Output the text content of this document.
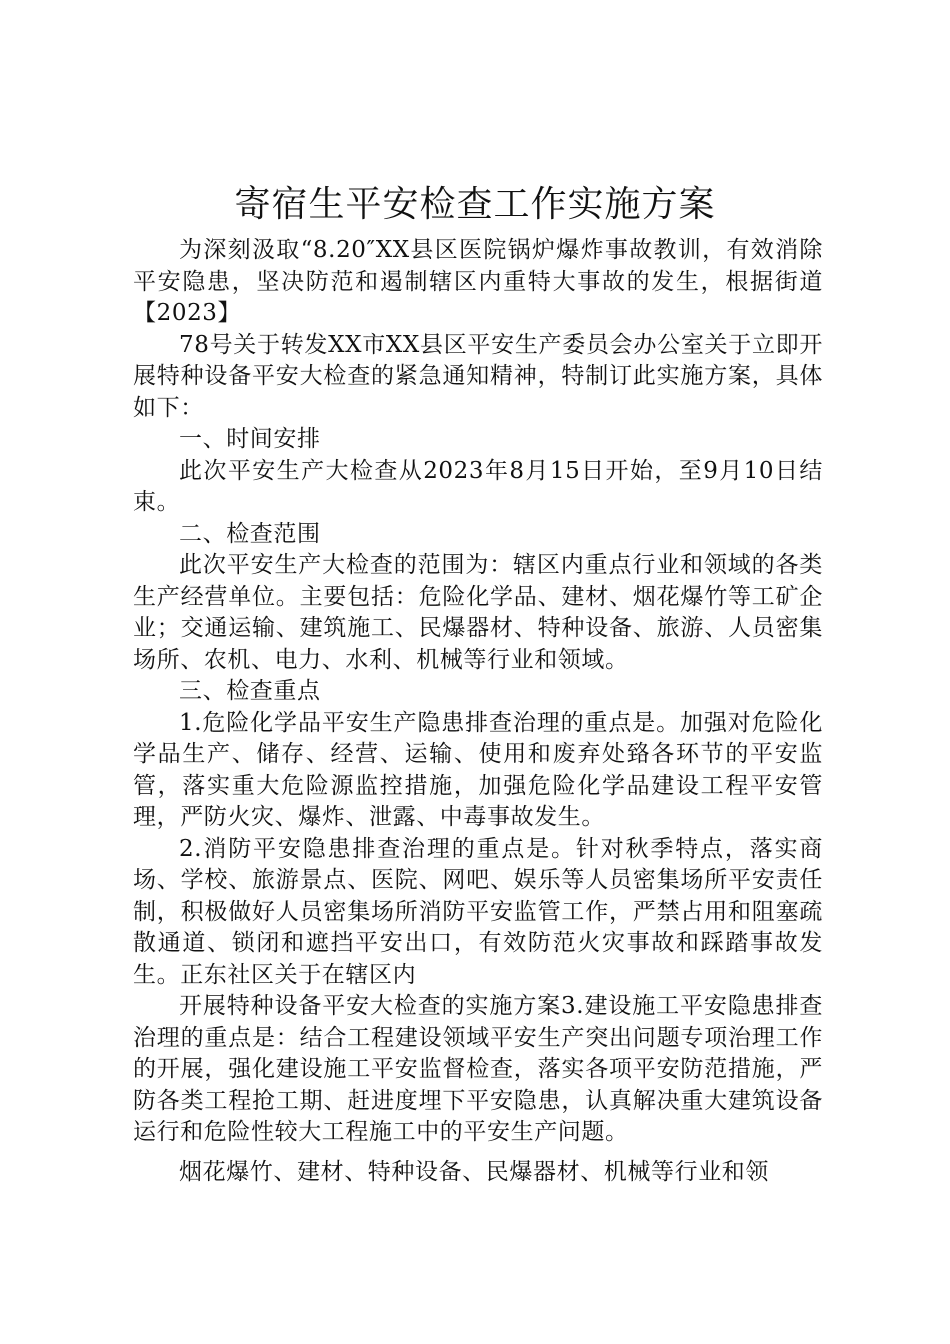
寄宿生平安检查工作实施方案

为深刻汲取“8.20″XX县区医院锅炉爆炸事故教训，有效消除平安隐患，坚决防范和遏制辖区内重特大事故的发生，根据街道【2023】

78号关于转发XX市XX县区平安生产委员会办公室关于立即开展特种设备平安大检查的紧急通知精神，特制订此实施方案，具体如下：

一、时间安排

此次平安生产大检查从2023年8月15日开始，至9月10日结束。

二、检查范围

此次平安生产大检查的范围为：辖区内重点行业和领域的各类生产经营单位。主要包括：危险化学品、建材、烟花爆竹等工矿企业；交通运输、建筑施工、民爆器材、特种设备、旅游、人员密集场所、农机、电力、水利、机械等行业和领域。

三、检查重点

1.危险化学品平安生产隐患排查治理的重点是。加强对危险化学品生产、储存、经营、运输、使用和废弃处臵各环节的平安监管，落实重大危险源监控措施，加强危险化学品建设工程平安管理，严防火灾、爆炸、泄露、中毒事故发生。

2.消防平安隐患排查治理的重点是。针对秋季特点，落实商场、学校、旅游景点、医院、网吧、娱乐等人员密集场所平安责任制，积极做好人员密集场所消防平安监管工作，严禁占用和阻塞疏散通道、锁闭和遮挡平安出口，有效防范火灾事故和踩踏事故发生。正东社区关于在辖区内

开展特种设备平安大检查的实施方案3.建设施工平安隐患排查治理的重点是：结合工程建设领域平安生产突出问题专项治理工作的开展，强化建设施工平安监督检查，落实各项平安防范措施，严防各类工程抢工期、赶进度埋下平安隐患，认真解决重大建筑设备运行和危险性较大工程施工中的平安生产问题。

烟花爆竹、建材、特种设备、民爆器材、机械等行业和领
